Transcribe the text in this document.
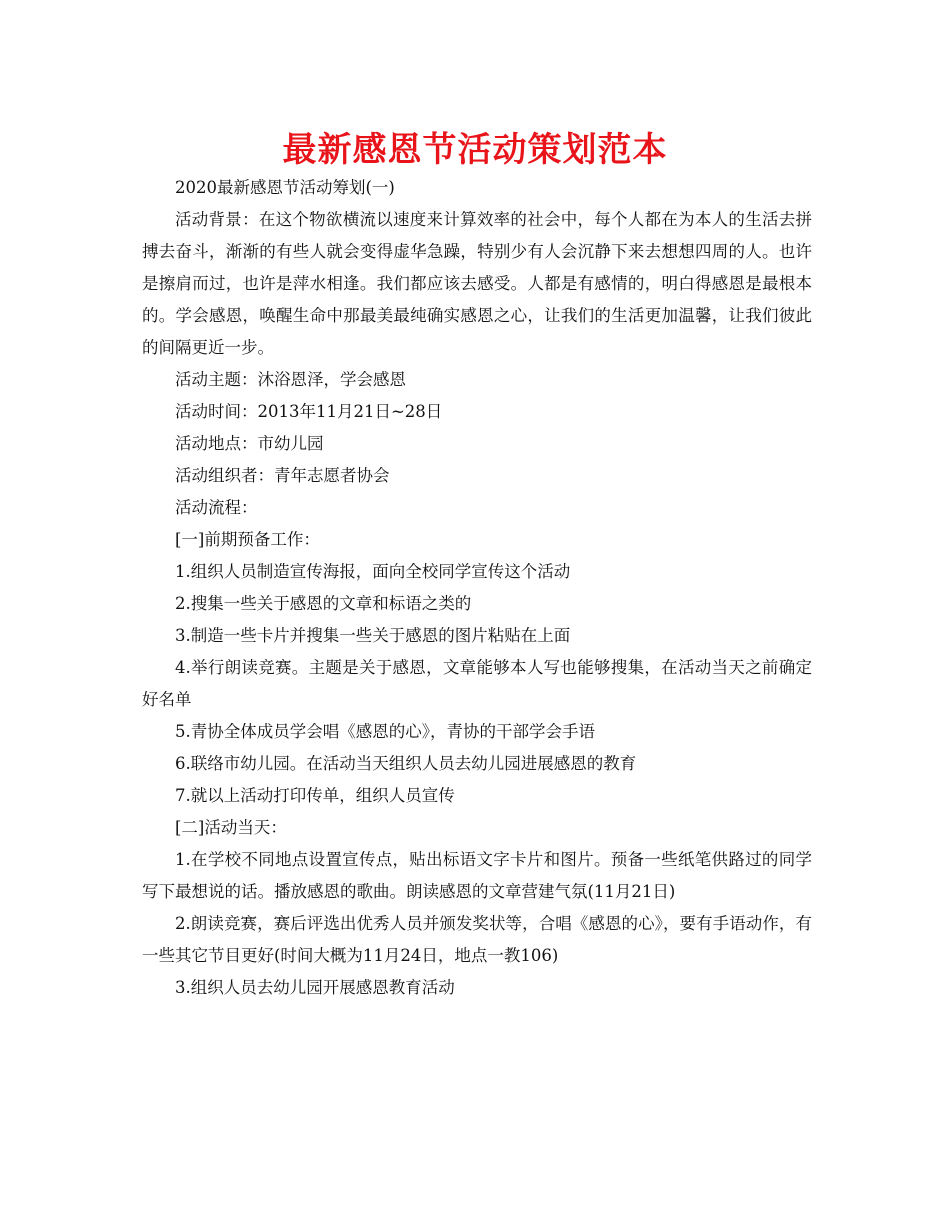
最新感恩节活动策划范本

2020最新感恩节活动筹划(一)

活动背景：在这个物欲横流以速度来计算效率的社会中，每个人都在为本人的生活去拼搏去奋斗，渐渐的有些人就会变得虚华急躁，特别少有人会沉静下来去想想四周的人。也许是擦肩而过，也许是萍水相逢。我们都应该去感受。人都是有感情的，明白得感恩是最根本的。学会感恩，唤醒生命中那最美最纯确实感恩之心，让我们的生活更加温馨，让我们彼此的间隔更近一步。

活动主题：沐浴恩泽，学会感恩

活动时间：2013年11月21日~28日

活动地点：市幼儿园

活动组织者：青年志愿者协会

活动流程：

[一]前期预备工作：

1.组织人员制造宣传海报，面向全校同学宣传这个活动

2.搜集一些关于感恩的文章和标语之类的

3.制造一些卡片并搜集一些关于感恩的图片粘贴在上面

4.举行朗读竞赛。主题是关于感恩，文章能够本人写也能够搜集，在活动当天之前确定好名单

5.青协全体成员学会唱《感恩的心》，青协的干部学会手语

6.联络市幼儿园。在活动当天组织人员去幼儿园进展感恩的教育

7.就以上活动打印传单，组织人员宣传

[二]活动当天：

1.在学校不同地点设置宣传点，贴出标语文字卡片和图片。预备一些纸笔供路过的同学写下最想说的话。播放感恩的歌曲。朗读感恩的文章营建气氛(11月21日)

2.朗读竞赛，赛后评选出优秀人员并颁发奖状等，合唱《感恩的心》，要有手语动作，有一些其它节目更好(时间大概为11月24日，地点一教106)

3.组织人员去幼儿园开展感恩教育活动
